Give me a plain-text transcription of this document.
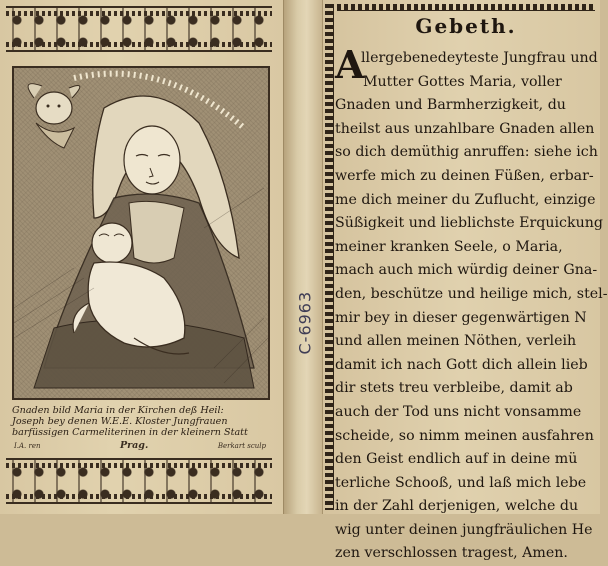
Gnaden bild Maria in der Kirchen deß Heil:
Joseph bey denen W.E.E. Kloster Jungfrauen
barfüssigen Carmeliterinen in der kleinern Statt
I.A. ren	Prag.	Berkart sculp
Gebeth.
A
llergebenedeyteste Jungfrau und
Mutter Gottes Maria, voller
Gnaden und Barmherzigkeit, du
theilst aus unzahlbare Gnaden allen
so dich demüthig anruffen: siehe ich
werfe mich zu deinen Füßen, erbar-
me dich meiner du Zuflucht, einzige
Süßigkeit und lieblichste Erquickung
meiner kranken Seele, o Maria,
mach auch mich würdig deiner Gna-
den, beschütze und heilige mich, stel-
mir bey in dieser gegenwärtigen N
und allen meinen Nöthen, verleih
damit ich nach Gott dich allein lieb
dir stets treu verbleibe, damit ab
auch der Tod uns nicht vonsamme
scheide, so nimm meinen ausfahren
den Geist endlich auf in deine mü
terliche Schooß, und laß mich lebe
in der Zahl derjenigen, welche du
wig unter deinen jungfräulichen He
zen verschlossen tragest, Amen.
